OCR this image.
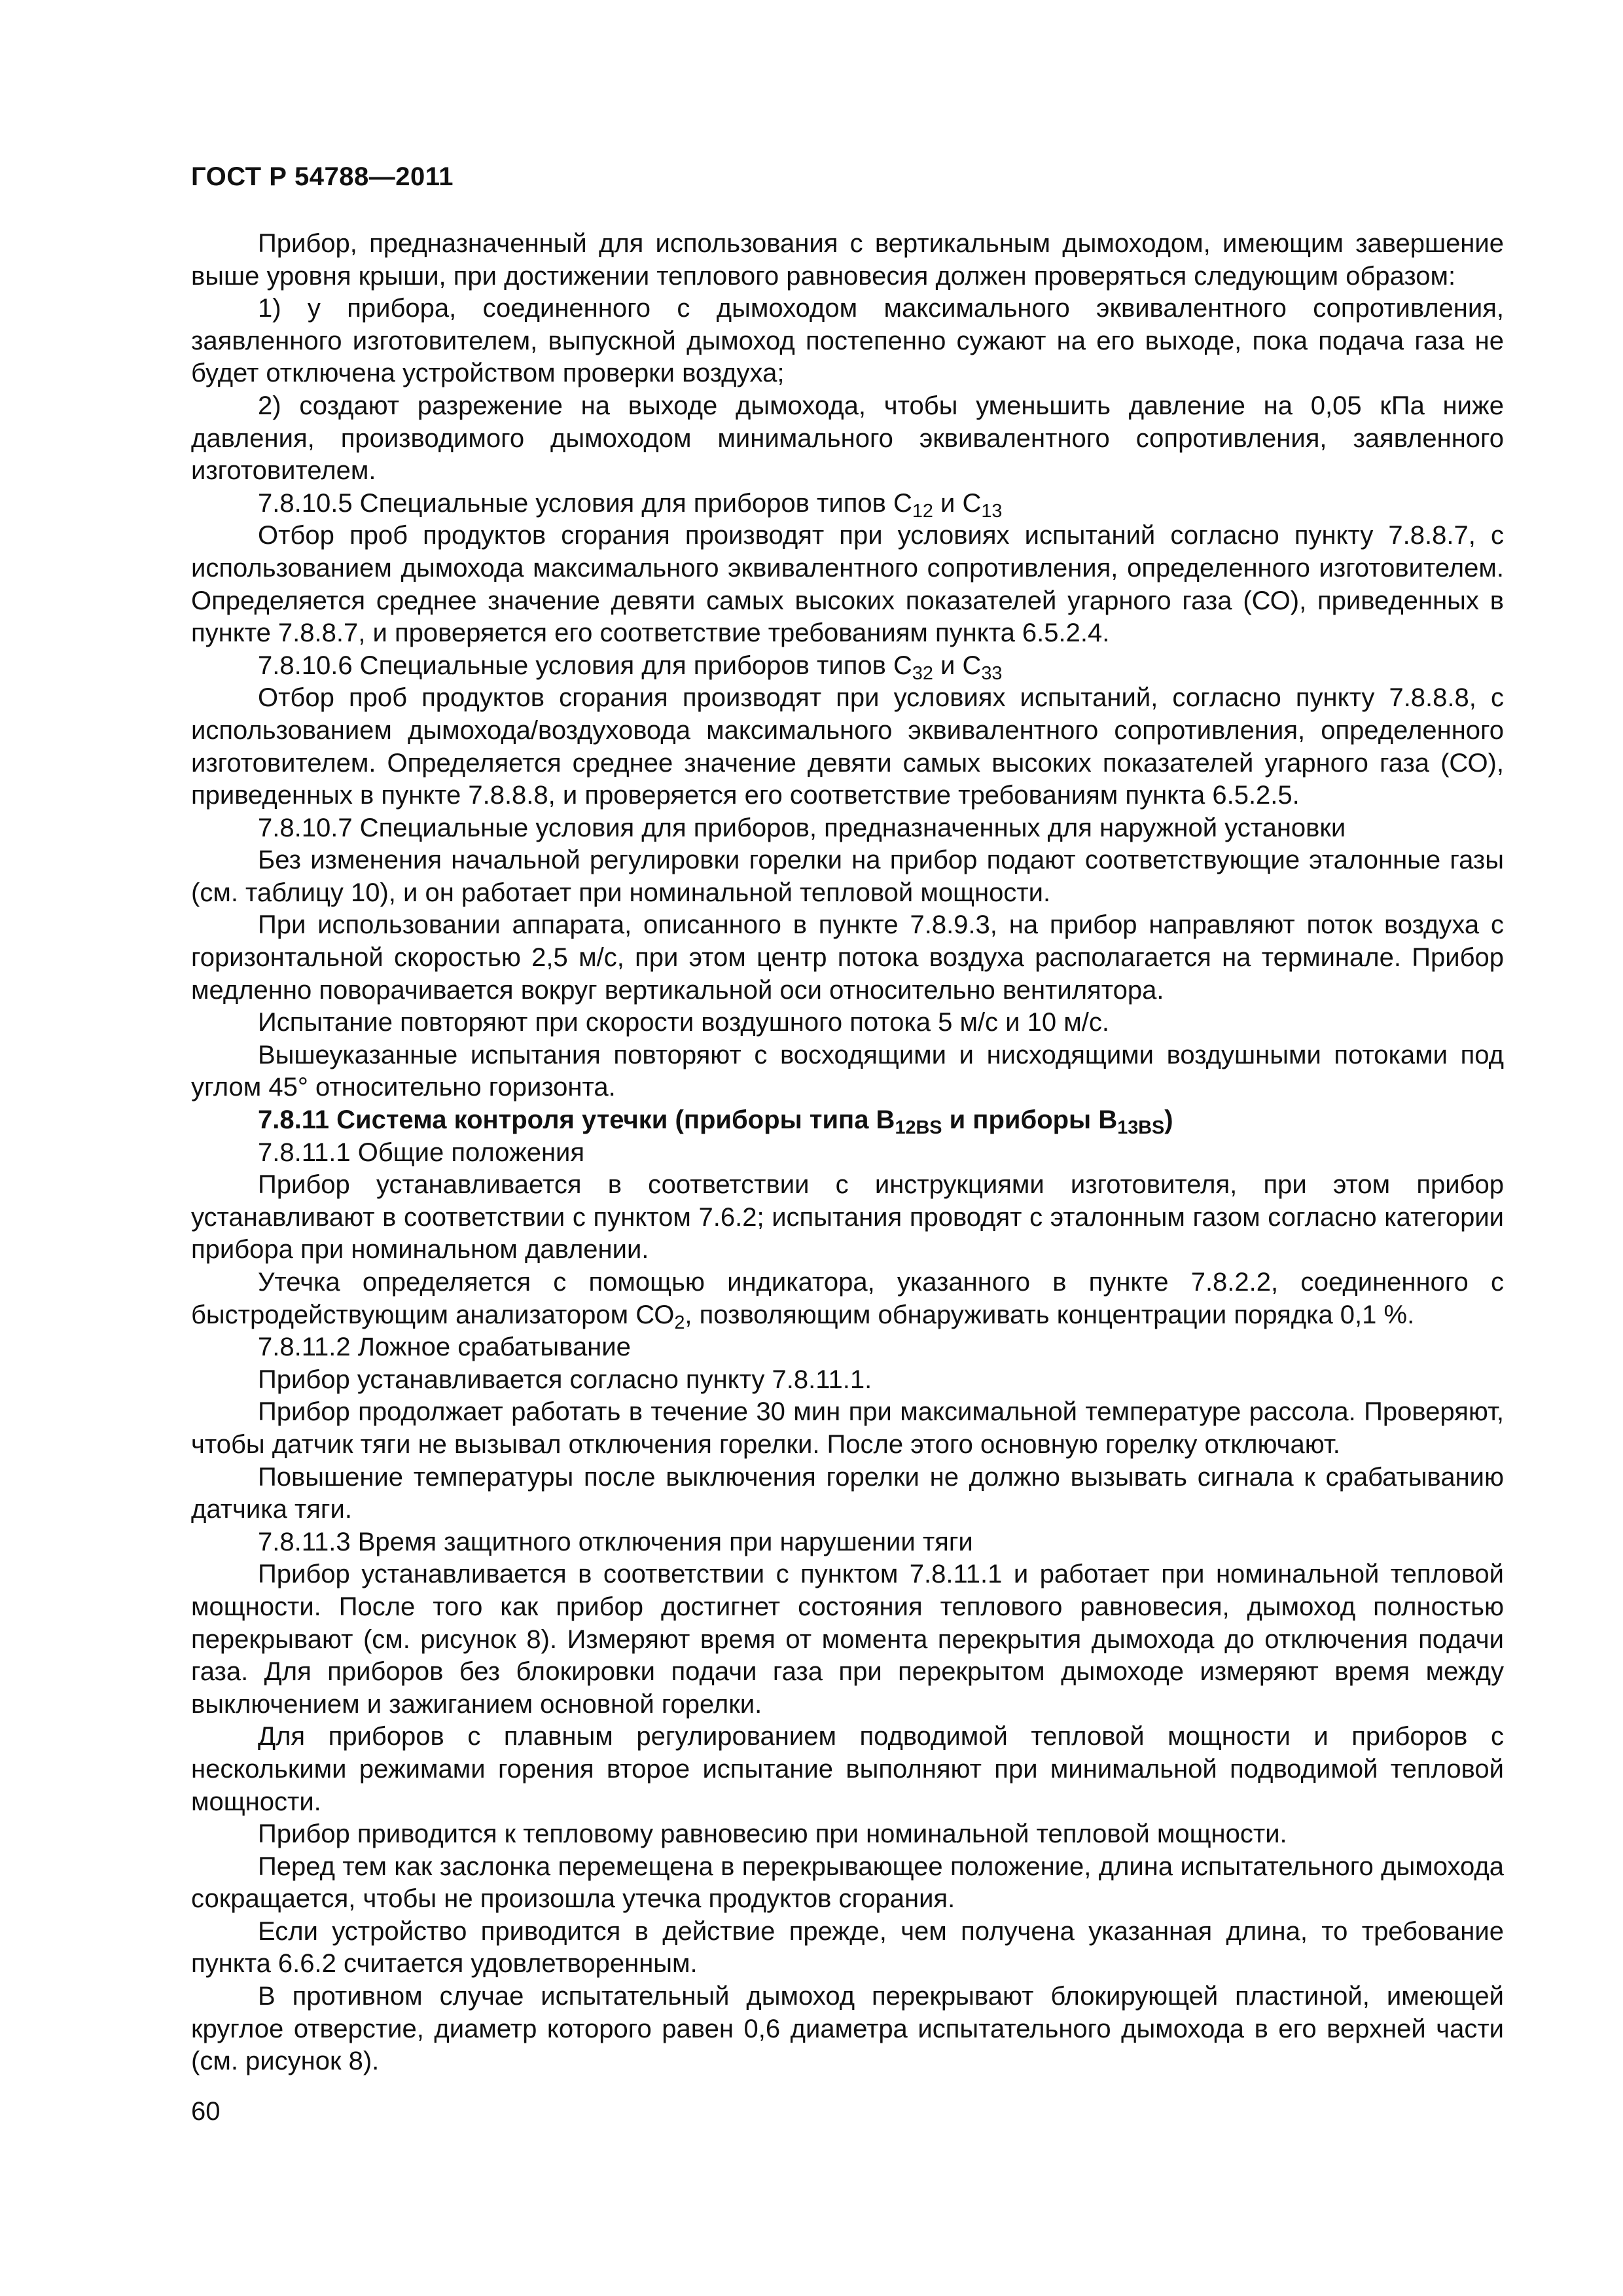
ГОСТ Р 54788—2011

Прибор, предназначенный для использования с вертикальным дымоходом, имеющим завершение выше уровня крыши, при достижении теплового равновесия должен проверяться следующим образом:

1) у прибора, соединенного с дымоходом максимального эквивалентного сопротивления, заявленного изготовителем, выпускной дымоход постепенно сужают на его выходе, пока подача газа не будет отключена устройством проверки воздуха;

2) создают разрежение на выходе дымохода, чтобы уменьшить давление на 0,05 кПа ниже давления, производимого дымоходом минимального эквивалентного сопротивления, заявленного изготовителем.

7.8.10.5 Специальные условия для приборов типов $С_{12}$ и $С_{13}$

Отбор проб продуктов сгорания производят при условиях испытаний согласно пункту 7.8.8.7, с использованием дымохода максимального эквивалентного сопротивления, определенного изготовителем. Определяется среднее значение девяти самых высоких показателей угарного газа (СО), приведенных в пункте 7.8.8.7, и проверяется его соответствие требованиям пункта 6.5.2.4.

7.8.10.6 Специальные условия для приборов типов $С_{32}$ и $С_{33}$

Отбор проб продуктов сгорания производят при условиях испытаний, согласно пункту 7.8.8.8, с использованием дымохода/воздуховода максимального эквивалентного сопротивления, определенного изготовителем. Определяется среднее значение девяти самых высоких показателей угарного газа (СО), приведенных в пункте 7.8.8.8, и проверяется его соответствие требованиям пункта 6.5.2.5.

7.8.10.7 Специальные условия для приборов, предназначенных для наружной установки

Без изменения начальной регулировки горелки на прибор подают соответствующие эталонные газы (см. таблицу 10), и он работает при номинальной тепловой мощности.

При использовании аппарата, описанного в пункте 7.8.9.3, на прибор направляют поток воздуха с горизонтальной скоростью 2,5 м/с, при этом центр потока воздуха располагается на терминале. Прибор медленно поворачивается вокруг вертикальной оси относительно вентилятора.

Испытание повторяют при скорости воздушного потока 5 м/с и 10 м/с.

Вышеуказанные испытания повторяют с восходящими и нисходящими воздушными потоками под углом 45° относительно горизонта.

7.8.11 Система контроля утечки (приборы типа $В_{12BS}$ и приборы $В_{13BS}$)

7.8.11.1 Общие положения

Прибор устанавливается в соответствии с инструкциями изготовителя, при этом прибор устанавливают в соответствии с пунктом 7.6.2; испытания проводят с эталонным газом согласно категории прибора при номинальном давлении.

Утечка определяется с помощью индикатора, указанного в пункте 7.8.2.2, соединенного с быстродействующим анализатором $СО_2$, позволяющим обнаруживать концентрации порядка 0,1 %.

7.8.11.2 Ложное срабатывание

Прибор устанавливается согласно пункту 7.8.11.1.

Прибор продолжает работать в течение 30 мин при максимальной температуре рассола. Проверяют, чтобы датчик тяги не вызывал отключения горелки. После этого основную горелку отключают.

Повышение температуры после выключения горелки не должно вызывать сигнала к срабатыванию датчика тяги.

7.8.11.3 Время защитного отключения при нарушении тяги

Прибор устанавливается в соответствии с пунктом 7.8.11.1 и работает при номинальной тепловой мощности. После того как прибор достигнет состояния теплового равновесия, дымоход полностью перекрывают (см. рисунок 8). Измеряют время от момента перекрытия дымохода до отключения подачи газа. Для приборов без блокировки подачи газа при перекрытом дымоходе измеряют время между выключением и зажиганием основной горелки.

Для приборов с плавным регулированием подводимой тепловой мощности и приборов с несколькими режимами горения второе испытание выполняют при минимальной подводимой тепловой мощности.

Прибор приводится к тепловому равновесию при номинальной тепловой мощности.

Перед тем как заслонка перемещена в перекрывающее положение, длина испытательного дымохода сокращается, чтобы не произошла утечка продуктов сгорания.

Если устройство приводится в действие прежде, чем получена указанная длина, то требование пункта 6.6.2 считается удовлетворенным.

В противном случае испытательный дымоход перекрывают блокирующей пластиной, имеющей круглое отверстие, диаметр которого равен 0,6 диаметра испытательного дымохода в его верхней части (см. рисунок 8).

60
